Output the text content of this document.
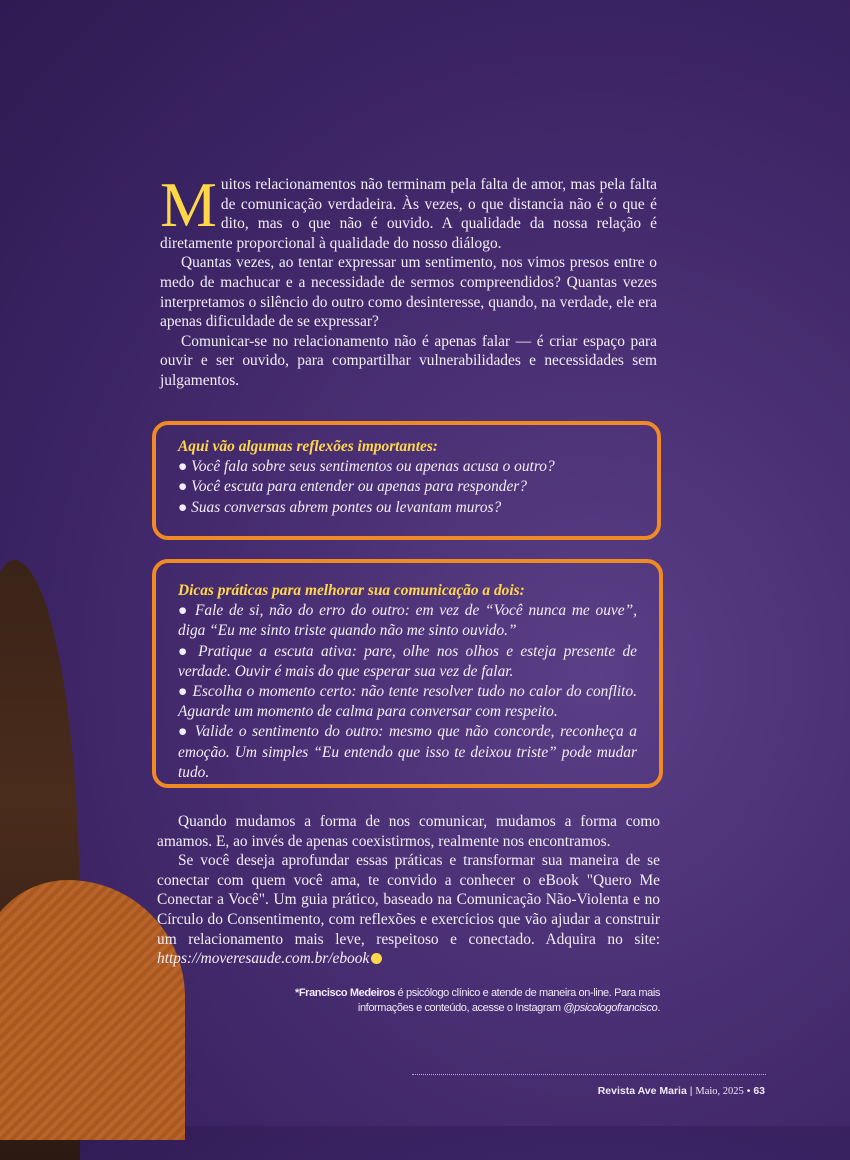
Muitos relacionamentos não terminam pela falta de amor, mas pela falta de comunicação verdadeira. Às vezes, o que distancia não é o que é dito, mas o que não é ouvido. A qualidade da nossa relação é diretamente proporcional à qualidade do nosso diálogo.

Quantas vezes, ao tentar expressar um sentimento, nos vimos presos entre o medo de machucar e a necessidade de sermos compreendidos? Quantas vezes interpretamos o silêncio do outro como desinteresse, quando, na verdade, ele era apenas dificuldade de se expressar?

Comunicar-se no relacionamento não é apenas falar — é criar espaço para ouvir e ser ouvido, para compartilhar vulnerabilidades e necessidades sem julgamentos.

Aqui vão algumas reflexões importantes:

● Você fala sobre seus sentimentos ou apenas acusa o outro?

● Você escuta para entender ou apenas para responder?

● Suas conversas abrem pontes ou levantam muros?

Dicas práticas para melhorar sua comunicação a dois:

● Fale de si, não do erro do outro: em vez de “Você nunca me ouve”, diga “Eu me sinto triste quando não me sinto ouvido.”

● Pratique a escuta ativa: pare, olhe nos olhos e esteja presente de verdade. Ouvir é mais do que esperar sua vez de falar.

● Escolha o momento certo: não tente resolver tudo no calor do conflito. Aguarde um momento de calma para conversar com respeito.

● Valide o sentimento do outro: mesmo que não concorde, reconheça a emoção. Um simples “Eu entendo que isso te deixou triste” pode mudar tudo.

Quando mudamos a forma de nos comunicar, mudamos a forma como amamos. E, ao invés de apenas coexistirmos, realmente nos encontramos.

Se você deseja aprofundar essas práticas e transformar sua maneira de se conectar com quem você ama, te convido a conhecer o eBook "Quero Me Conectar a Você". Um guia prático, baseado na Comunicação Não-Violenta e no Círculo do Consentimento, com reflexões e exercícios que vão ajudar a construir um relacionamento mais leve, respeitoso e conectado. Adquira no site: https://moveresaude.com.br/ebook

*Francisco Medeiros é psicólogo clínico e atende de maneira on-line. Para mais informações e conteúdo, acesse o Instagram @psicologofrancisco.
Revista Ave Maria | Maio, 2025 • 63
